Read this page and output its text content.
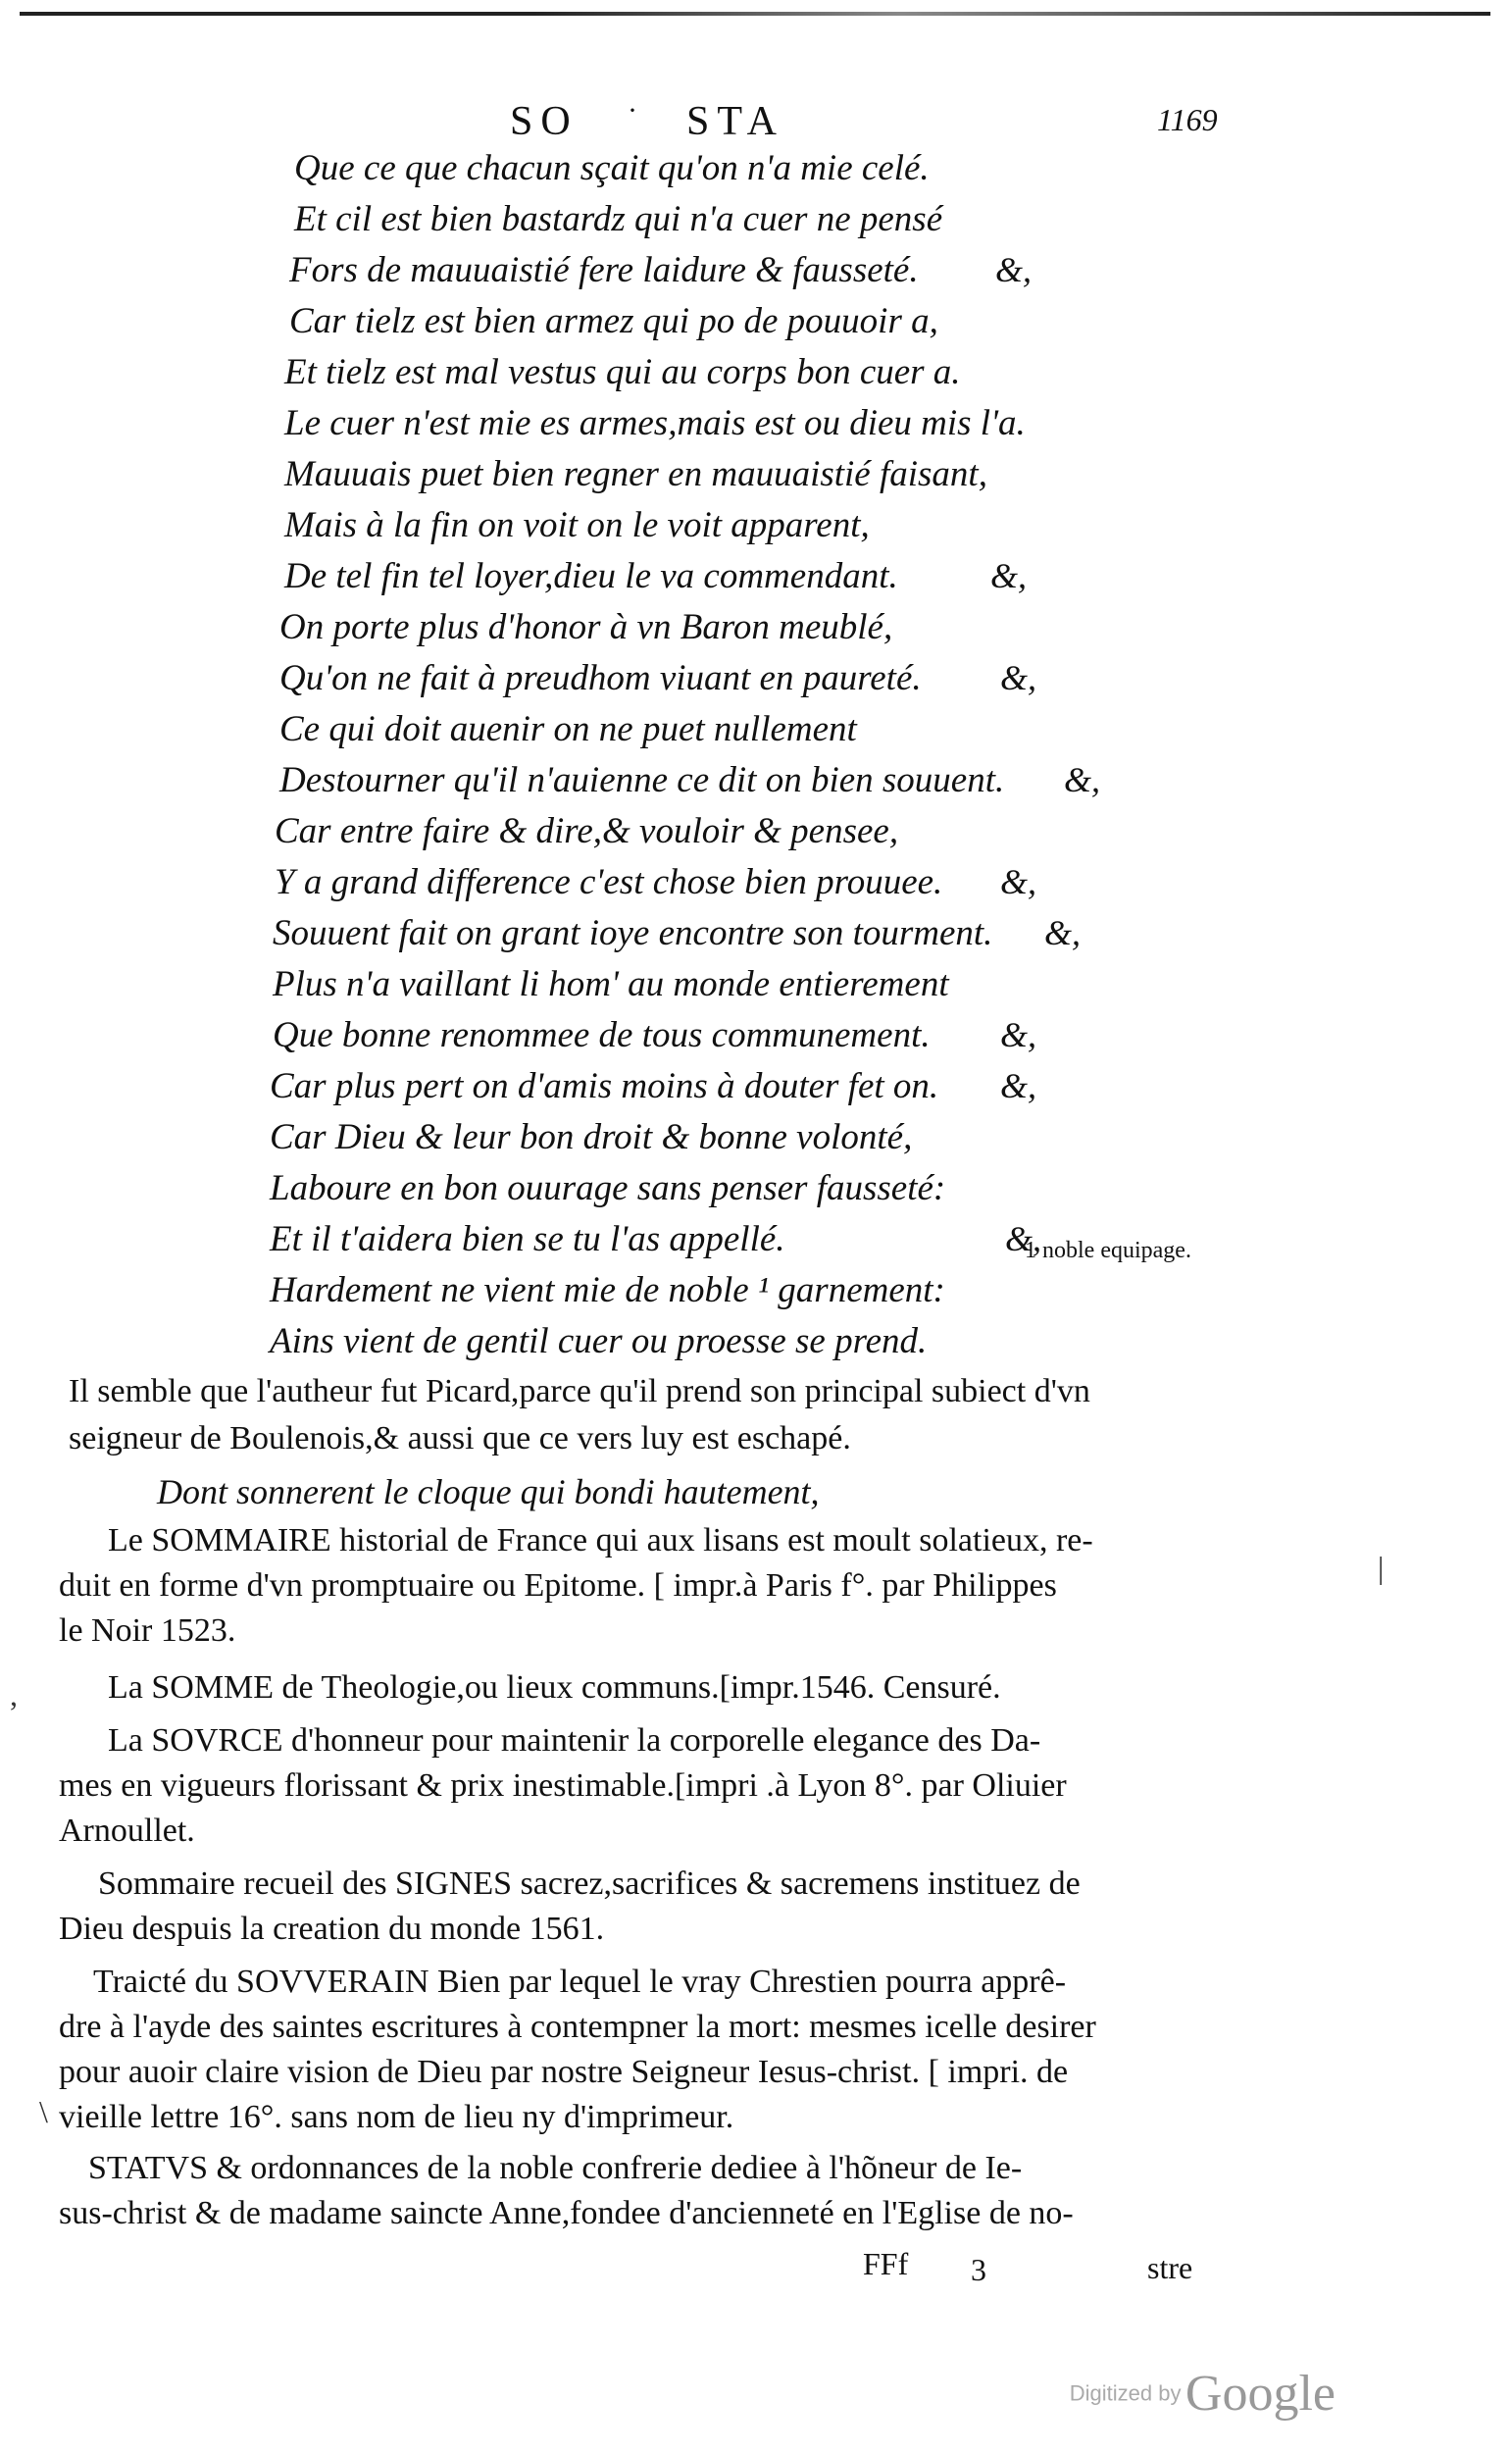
SO · STA	1169
Que ce que chacun sçait qu'on n'a mie celé.
Et cil est bien bastardz qui n'a cuer ne pensé
Fors de mauuaistié fere laidure & fausseté.
Car tielz est bien armez qui po de pouuoir a,
Et tielz est mal vestus qui au corps bon cuer a.
Le cuer n'est mie es armes,mais est ou dieu mis l'a.
Mauuais puet bien regner en mauuaistié faisant,
Mais à la fin on voit on le voit apparent,
De tel fin tel loyer,dieu le va commendant.
On porte plus d'honor à vn Baron meublé,
Qu'on ne fait à preudhom viuant en paureté.
Ce qui doit auenir on ne puet nullement
Destourner qu'il n'auienne ce dit on bien souuent.
Car entre faire & dire,& vouloir & pensee,
Y a grand difference c'est chose bien prouuee.
Souuent fait on grant ioye encontre son tourment.
Plus n'a vaillant li hom' au monde entierement
Que bonne renommee de tous communement.
Car plus pert on d'amis moins à douter fet on.
Car Dieu & leur bon droit & bonne volonté,
Laboure en bon ouurage sans penser fausseté:
Et il t'aidera bien se tu l'as appellé.
Hardement ne vient mie de noble ¹ garnement:
Ains vient de gentil cuer ou proesse se prend.
&,
&,
&,
&,
&,
&,
&,
&,
&,
1 noble equipage.
Il semble que l'autheur fut Picard,parce qu'il prend son principal subiect d'vn
seigneur de Boulenois,& aussi que ce vers luy est eschapé.
Dont sonnerent le cloque qui bondi hautement,
Le SOMMAIRE historial de France qui aux lisans est moult solatieux, re-
duit en forme d'vn promptuaire ou Epitome. [ impr.à Paris f°. par Philippes
le Noir 1523.
La SOMME de Theologie,ou lieux communs.[impr.1546. Censuré.
La SOVRCE d'honneur pour maintenir la corporelle elegance des Da-
mes en vigueurs florissant & prix inestimable.[impri .à Lyon 8°. par Oliuier
Arnoullet.
Sommaire recueil des SIGNES sacrez,sacrifices & sacremens instituez de
Dieu despuis la creation du monde 1561.
Traicté du SOVVERAIN Bien par lequel le vray Chrestien pourra apprê-
dre à l'ayde des saintes escritures à contempner la mort: mesmes icelle desirer
pour auoir claire vision de Dieu par nostre Seigneur Iesus-christ. [ impri. de
vieille lettre 16°. sans nom de lieu ny d'imprimeur.
STATVS & ordonnances de la noble confrerie dediee à l'hõneur de Ie-
sus-christ & de madame saincte Anne,fondee d'ancienneté en l'Eglise de no-
FFf 3	stre
|
,
\
Digitized by Google
